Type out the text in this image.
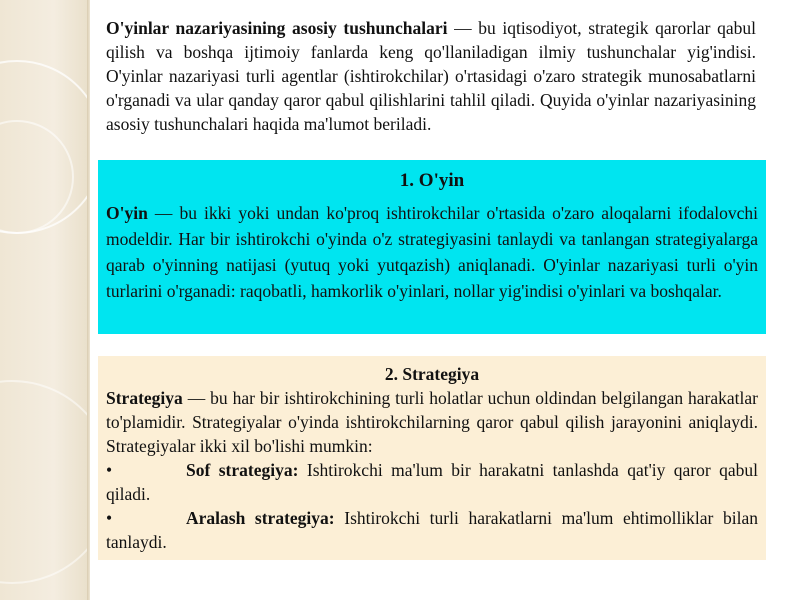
O'yinlar nazariyasining asosiy tushunchalari — bu iqtisodiyot, strategik qarorlar qabul qilish va boshqa ijtimoiy fanlarda keng qo'llaniladigan ilmiy tushunchalar yig'indisi. O'yinlar nazariyasi turli agentlar (ishtirokchilar) o'rtasidagi o'zaro strategik munosabatlarni o'rganadi va ular qanday qaror qabul qilishlarini tahlil qiladi. Quyida o'yinlar nazariyasining asosiy tushunchalari haqida ma'lumot beriladi.
1. O'yin
O'yin — bu ikki yoki undan ko'proq ishtirokchilar o'rtasida o'zaro aloqalarni ifodalovchi modeldir. Har bir ishtirokchi o'yinda o'z strategiyasini tanlaydi va tanlangan strategiyalarga qarab o'yinning natijasi (yutuq yoki yutqazish) aniqlanadi. O'yinlar nazariyasi turli o'yin turlarini o'rganadi: raqobatli, hamkorlik o'yinlari, nollar yig'indisi o'yinlari va boshqalar.
2. Strategiya
Strategiya — bu har bir ishtirokchining turli holatlar uchun oldindan belgilangan harakatlar to'plamidir. Strategiyalar o'yinda ishtirokchilarning qaror qabul qilish jarayonini aniqlaydi. Strategiyalar ikki xil bo'lishi mumkin:
•	Sof strategiya: Ishtirokchi ma'lum bir harakatni tanlashda qat'iy qaror qabul qiladi.
•	Aralash strategiya: Ishtirokchi turli harakatlarni ma'lum ehtimolliklar bilan tanlaydi.
